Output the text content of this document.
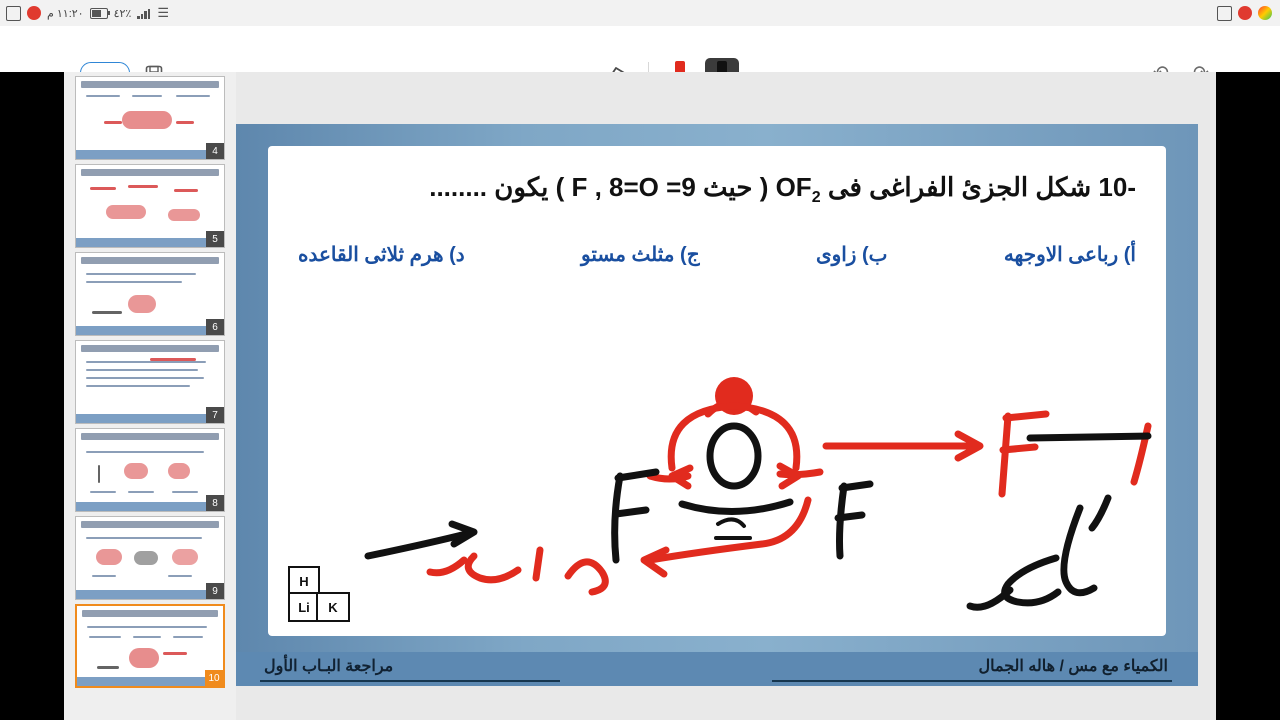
١١:٢٠ م	٤٢٪ ☰
4
5
6
7
8
9
10
-10 شكل الجزئ الفراغى فى $OF_2$ ( حيث 9= F , 8=O ) يكون ........
أ) رباعى الاوجهه
ب) زاوى
ج) مثلث مستو
د) هرم ثلاثى القاعده
H
Li	K
مراجعة البـاب الأول	الكمياء مع مس / هاله الجمال
